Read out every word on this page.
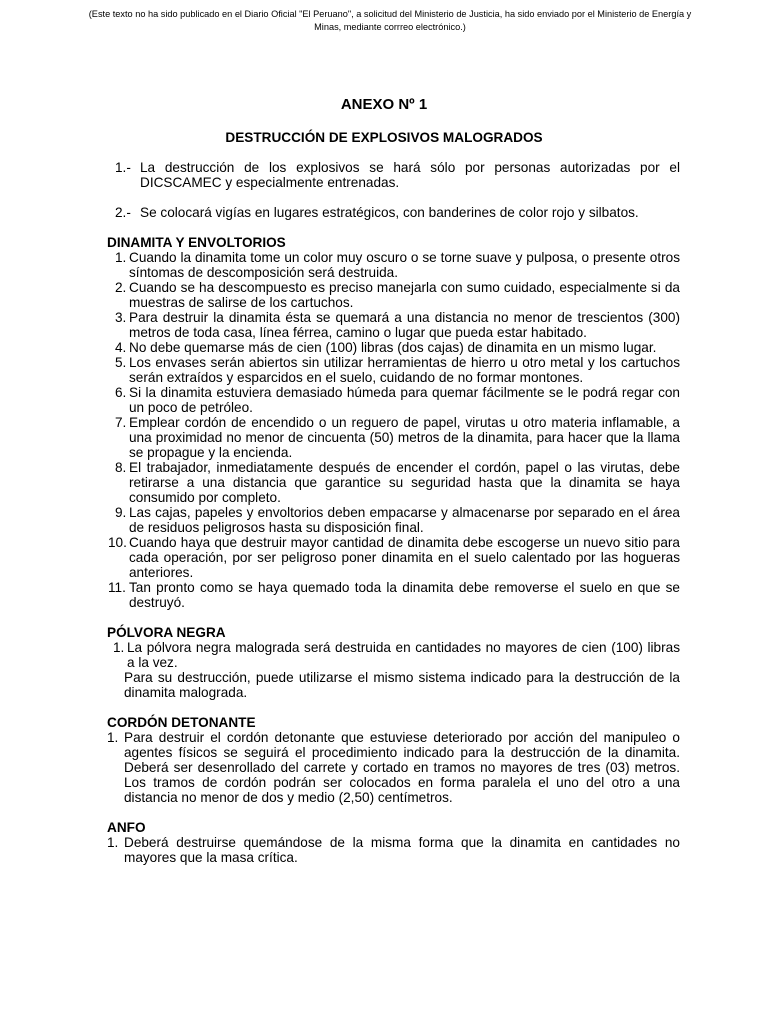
(Este texto no ha sido publicado en el Diario Oficial "El Peruano", a solicitud del Ministerio de Justicia, ha sido enviado por el Ministerio de Energía y Minas, mediante corrreo electrónico.)
ANEXO Nº 1
DESTRUCCIÓN DE EXPLOSIVOS MALOGRADOS
1.- La destrucción de los explosivos se hará sólo por personas autorizadas por el DICSCAMEC y especialmente entrenadas.
2.- Se colocará vigías en lugares estratégicos, con banderines de color rojo y silbatos.
DINAMITA Y ENVOLTORIOS
1. Cuando la dinamita tome un color muy oscuro o se torne suave y pulposa, o presente otros síntomas de descomposición será destruida.
2. Cuando se ha descompuesto es preciso manejarla con sumo cuidado, especialmente si da muestras de salirse de los cartuchos.
3. Para destruir la dinamita ésta se quemará a una distancia no menor de trescientos (300) metros de toda casa, línea férrea, camino o lugar que pueda estar habitado.
4. No debe quemarse más de cien (100) libras (dos cajas) de dinamita en un mismo lugar.
5. Los envases serán abiertos sin utilizar herramientas de hierro u otro metal y los cartuchos serán extraídos y esparcidos en el suelo, cuidando de no formar montones.
6. Si la dinamita estuviera demasiado húmeda para quemar fácilmente se le podrá regar con un poco de petróleo.
7. Emplear cordón de encendido o un reguero de papel, virutas u otro materia inflamable, a una proximidad no menor de cincuenta (50) metros de la dinamita, para hacer que la llama se propague y la encienda.
8. El trabajador, inmediatamente después de encender el cordón, papel o las virutas, debe retirarse a una distancia que garantice su seguridad hasta que la dinamita se haya consumido por completo.
9. Las cajas, papeles y envoltorios deben empacarse y almacenarse por separado en el área de residuos peligrosos hasta su disposición final.
10. Cuando haya que destruir mayor cantidad de dinamita debe escogerse un nuevo sitio para cada operación, por ser peligroso poner dinamita en el suelo calentado por las hogueras anteriores.
11. Tan pronto como se haya quemado toda la dinamita debe removerse el suelo en que se destruyó.
PÓLVORA NEGRA
1. La pólvora negra malograda será destruida en cantidades no mayores de cien (100) libras a la vez.
Para su destrucción, puede utilizarse el mismo sistema indicado para la destrucción de la dinamita malograda.
CORDÓN DETONANTE
1. Para destruir el cordón detonante que estuviese deteriorado por acción del manipuleo o agentes físicos se seguirá el procedimiento indicado para la destrucción de la dinamita. Deberá ser desenrollado del carrete y cortado en tramos no mayores de tres (03) metros. Los tramos de cordón podrán ser colocados en forma paralela el uno del otro a una distancia no menor de dos y medio (2,50) centímetros.
ANFO
1. Deberá destruirse quemándose de la misma forma que la dinamita en cantidades no mayores que la masa crítica.
